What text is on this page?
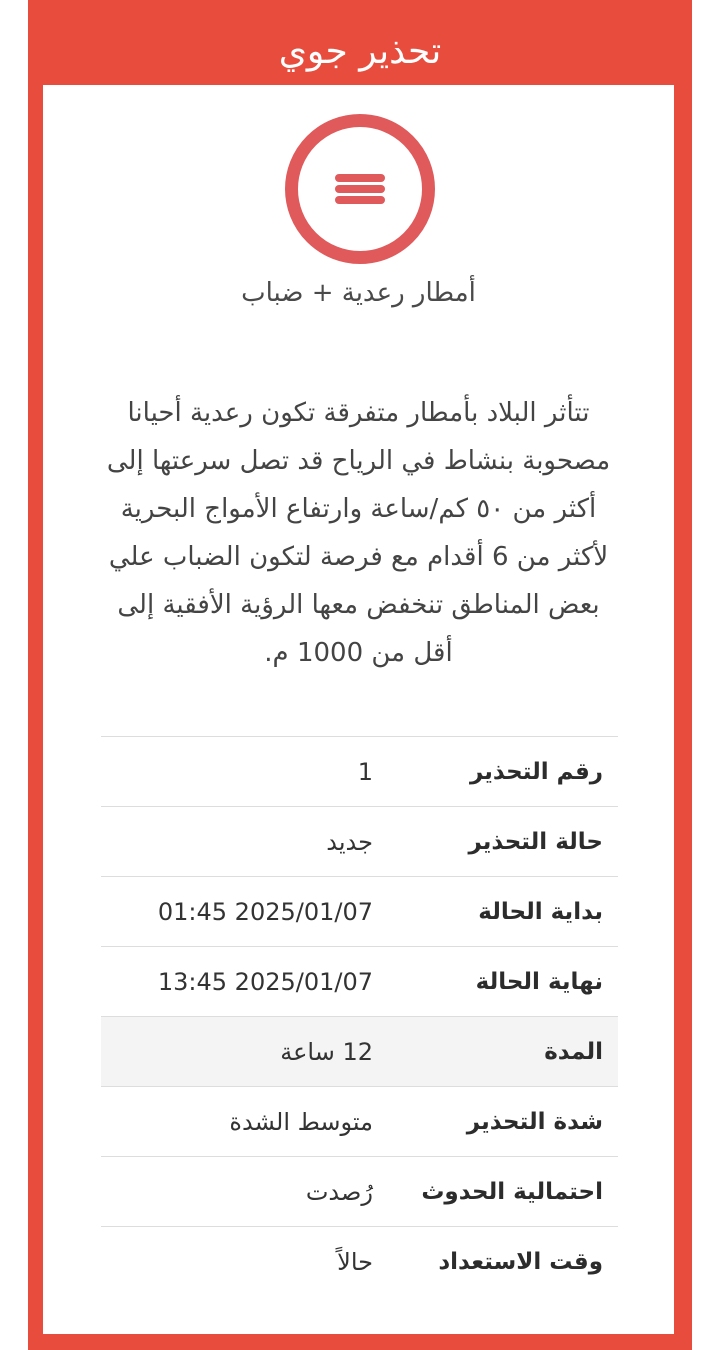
تحذير جوي
أمطار رعدية + ضباب
تتأثر البلاد بأمطار متفرقة تكون رعدية أحيانا مصحوبة بنشاط في الرياح قد تصل سرعتها إلى أكثر من ٥٠ كم/ساعة وارتفاع الأمواج البحرية لأكثر من 6 أقدام مع فرصة لتكون الضباب علي بعض المناطق تنخفض معها الرؤية الأفقية إلى أقل من 1000 م.
رقم التحذير
1
حالة التحذير
جديد
بداية الحالة
2025/01/07 01:45
نهاية الحالة
2025/01/07 13:45
المدة
12 ساعة
شدة التحذير
متوسط الشدة
احتمالية الحدوث
رُصدت
وقت الاستعداد
حالاً
